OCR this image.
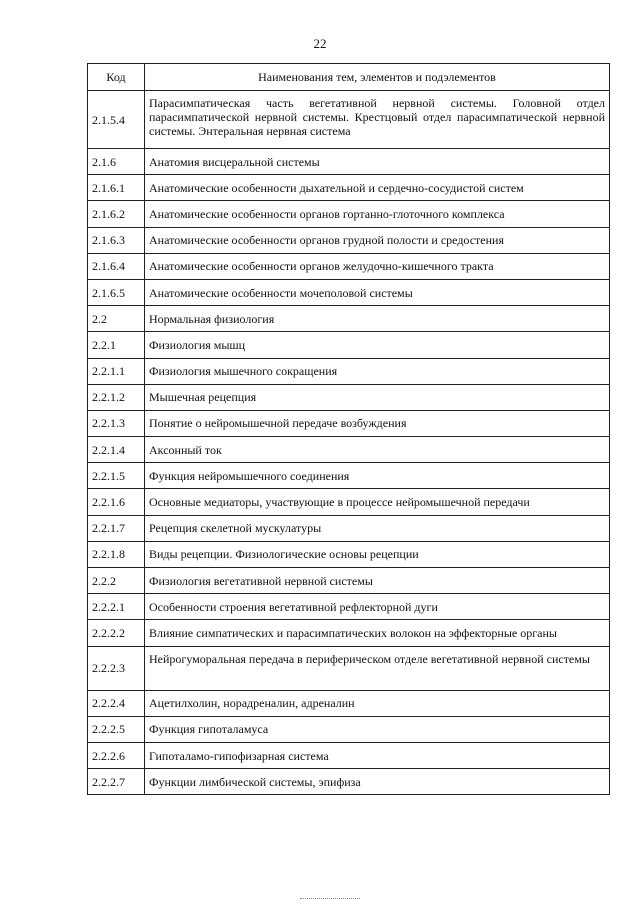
22
Код	Наименования тем, элементов и подэлементов
2.1.5.4	Парасимпатическая часть вегетативной нервной системы. Головной отдел парасимпатической нервной системы. Крестцовый отдел парасимпатической нервной системы. Энтеральная нервная система
2.1.6	Анатомия висцеральной системы
2.1.6.1	Анатомические особенности дыхательной и сердечно-сосудистой систем
2.1.6.2	Анатомические особенности органов гортанно-глоточного комплекса
2.1.6.3	Анатомические особенности органов грудной полости и средостения
2.1.6.4	Анатомические особенности органов желудочно-кишечного тракта
2.1.6.5	Анатомические особенности мочеполовой системы
2.2	Нормальная физиология
2.2.1	Физиология мышц
2.2.1.1	Физиология мышечного сокращения
2.2.1.2	Мышечная рецепция
2.2.1.3	Понятие о нейромышечной передаче возбуждения
2.2.1.4	Аксонный ток
2.2.1.5	Функция нейромышечного соединения
2.2.1.6	Основные медиаторы, участвующие в процессе нейромышечной передачи
2.2.1.7	Рецепция скелетной мускулатуры
2.2.1.8	Виды рецепции. Физиологические основы рецепции
2.2.2	Физиология вегетативной нервной системы
2.2.2.1	Особенности строения вегетативной рефлекторной дуги
2.2.2.2	Влияние симпатических и парасимпатических волокон на эффекторные органы
2.2.2.3	Нейрогуморальная передача в периферическом отделе вегетативной нервной системы
2.2.2.4	Ацетилхолин, норадреналин, адреналин
2.2.2.5	Функция гипоталамуса
2.2.2.6	Гипоталамо-гипофизарная система
2.2.2.7	Функции лимбической системы, эпифиза
